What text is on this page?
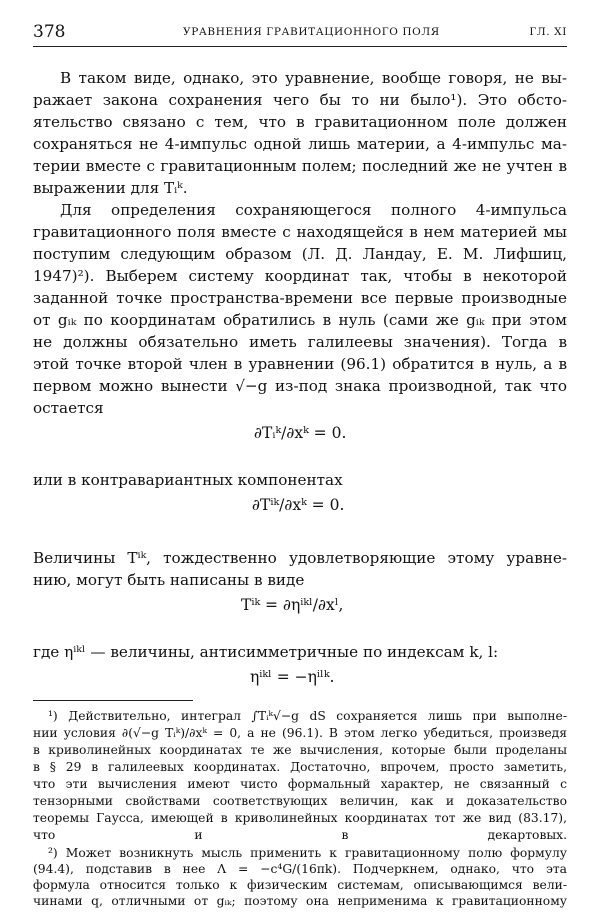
378	УРАВНЕНИЯ ГРАВИТАЦИОННОГО ПОЛЯ	ГЛ. XI
В таком виде, однако, это уравнение, вообще говоря, не вы-
ражает закона сохранения чего бы то ни было¹). Это обсто-
ятельство связано с тем, что в гравитационном поле должен
сохраняться не 4-импульс одной лишь материи, а 4-импульс ма-
терии вместе с гравитационным полем; последний же не учтен в
выражении для Tᵢᵏ.
Для определения сохраняющегося полного 4-импульса
гравитационного поля вместе с находящейся в нем материей мы
поступим следующим образом (Л. Д. Ландау, Е. М. Лифшиц,
1947)²). Выберем систему координат так, чтобы в некоторой
заданной точке пространства-времени все первые производные
от gᵢₖ по координатам обратились в нуль (сами же gᵢₖ при этом
не должны обязательно иметь галилеевы значения). Тогда в
этой точке второй член в уравнении (96.1) обратится в нуль, а в
первом можно вынести √−g из-под знака производной, так что
остается
∂Tᵢᵏ/∂xᵏ = 0.
или в контравариантных компонентах
∂Tⁱᵏ/∂xᵏ = 0.
Величины Tⁱᵏ, тождественно удовлетворяющие этому уравне-
нию, могут быть написаны в виде
Tⁱᵏ = ∂ηⁱᵏˡ/∂xˡ,
где ηⁱᵏˡ — величины, антисимметричные по индексам k, l:
ηⁱᵏˡ = −ηⁱˡᵏ.
¹) Действительно, интеграл ∫Tᵢᵏ√−g dS сохраняется лишь при выполне-
нии условия ∂(√−g Tᵢᵏ)/∂xᵏ = 0, а не (96.1). В этом легко убедиться, произведя
в криволинейных координатах те же вычисления, которые были проделаны
в § 29 в галилеевых координатах. Достаточно, впрочем, просто заметить,
что эти вычисления имеют чисто формальный характер, не связанный с
тензорными свойствами соответствующих величин, как и доказательство
теоремы Гаусса, имеющей в криволинейных координатах тот же вид (83.17),
что и в декартовых.
²) Может возникнуть мысль применить к гравитационному полю формулу
(94.4), подставив в нее Λ = −c⁴G/(16πk). Подчеркнем, однако, что эта
формула относится только к физическим системам, описывающимся вели-
чинами q, отличными от gᵢₖ; поэтому она неприменима к гравитационному
